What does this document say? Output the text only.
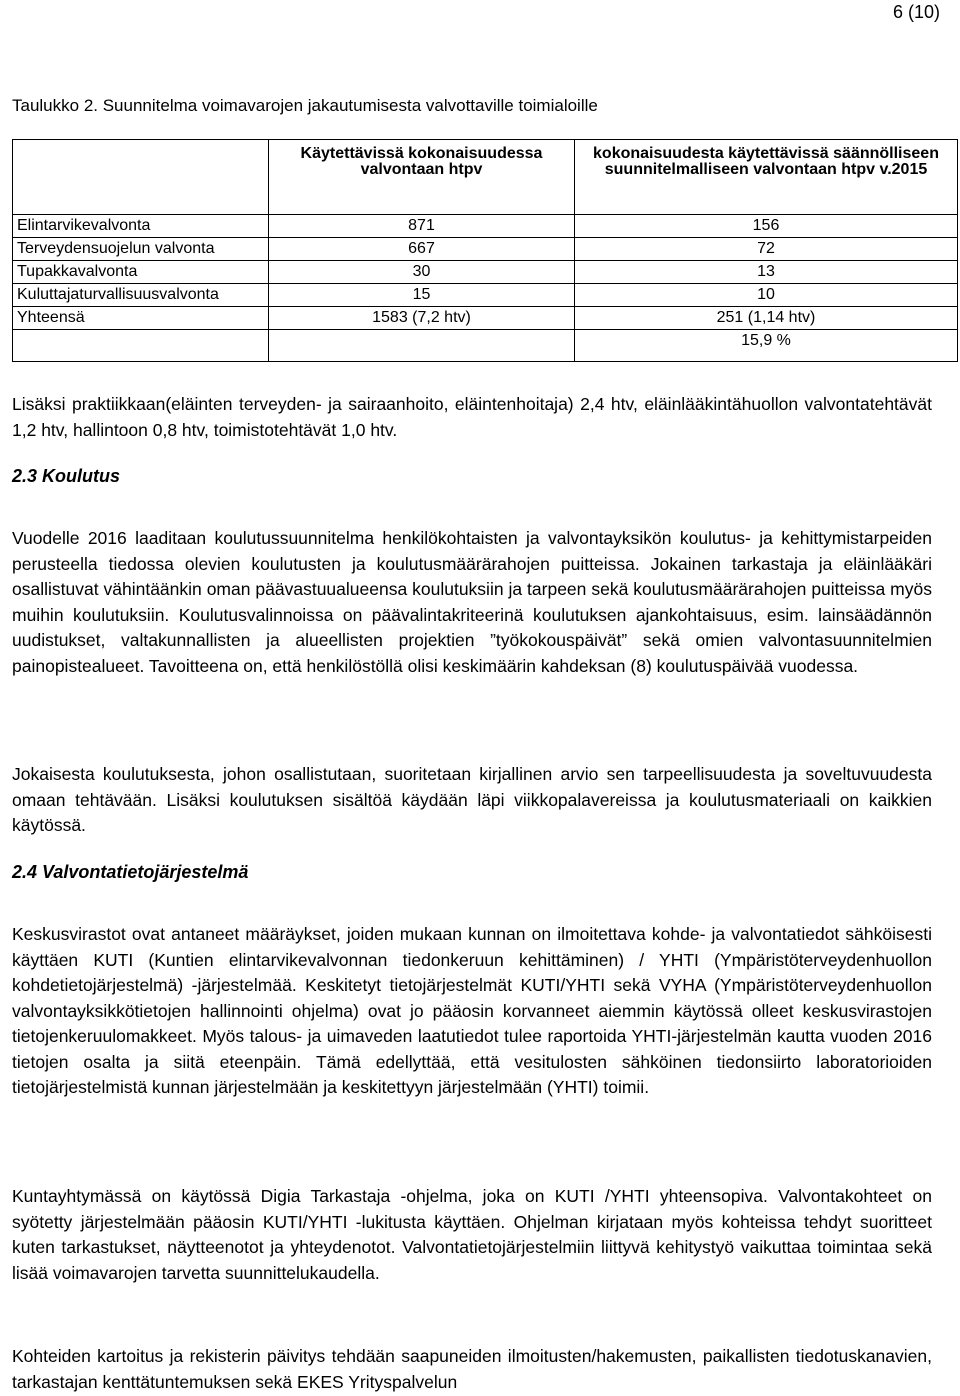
6 (10)
Taulukko 2. Suunnitelma voimavarojen jakautumisesta valvottaville toimialoille
	Käytettävissä kokonaisuudessa valvontaan htpv	kokonaisuudesta käytettävissä säännölliseen suunnitelmalliseen valvontaan htpv v.2015
Elintarvikevalvonta	871	156
Terveydensuojelun valvonta	667	72
Tupakkavalvonta	30	13
Kuluttajaturvallisuusvalvonta	15	10
Yhteensä	1583 (7,2 htv)	251 (1,14 htv)
		15,9 %

Lisäksi praktiikkaan(eläinten terveyden- ja sairaanhoito, eläintenhoitaja) 2,4 htv, eläinlääkintähuollon valvontatehtävät 1,2 htv, hallintoon 0,8 htv, toimistotehtävät 1,0 htv.

2.3 Koulutus

Vuodelle 2016 laaditaan koulutussuunnitelma henkilökohtaisten ja valvontayksikön koulutus- ja kehittymistarpeiden perusteella tiedossa olevien koulutusten ja koulutusmäärärahojen puitteissa. Jokainen tarkastaja ja eläinlääkäri osallistuvat vähintäänkin oman päävastuualueensa koulutuksiin ja tarpeen sekä koulutusmäärärahojen puitteissa myös muihin koulutuksiin. Koulutusvalinnoissa on päävalintakriteerinä koulutuksen ajankohtaisuus, esim. lainsäädännön uudistukset, valtakunnallisten ja alueellisten projektien ”työkokouspäivät” sekä omien valvontasuunnitelmien painopistealueet. Tavoitteena on, että henkilöstöllä olisi keskimäärin kahdeksan (8) koulutuspäivää vuodessa.

Jokaisesta koulutuksesta, johon osallistutaan, suoritetaan kirjallinen arvio sen tarpeellisuudesta ja soveltuvuudesta omaan tehtävään. Lisäksi koulutuksen sisältöä käydään läpi viikkopalavereissa ja koulutusmateriaali on kaikkien käytössä.

2.4 Valvontatietojärjestelmä

Keskusvirastot ovat antaneet määräykset, joiden mukaan kunnan on ilmoitettava kohde- ja valvontatiedot sähköisesti käyttäen KUTI (Kuntien elintarvikevalvonnan tiedonkeruun kehittäminen) / YHTI (Ympäristöterveydenhuollon kohdetietojärjestelmä) -järjestelmää. Keskitetyt tietojärjestelmät KUTI/YHTI sekä VYHA (Ympäristöterveydenhuollon valvontayksikkötietojen hallinnointi ohjelma) ovat jo pääosin korvanneet aiemmin käytössä olleet keskusvirastojen tietojenkeruulomakkeet. Myös talous- ja uimaveden laatutiedot tulee raportoida YHTI-järjestelmän kautta vuoden 2016 tietojen osalta ja siitä eteenpäin. Tämä edellyttää, että vesitulosten sähköinen tiedonsiirto laboratorioiden tietojärjestelmistä kunnan järjestelmään ja keskitettyyn järjestelmään (YHTI) toimii.

Kuntayhtymässä on käytössä Digia Tarkastaja -ohjelma, joka on KUTI /YHTI yhteensopiva. Valvontakohteet on syötetty järjestelmään pääosin KUTI/YHTI -lukitusta käyttäen. Ohjelman kirjataan myös kohteissa tehdyt suoritteet kuten tarkastukset, näytteenotot ja yhteydenotot. Valvontatietojärjestelmiin liittyvä kehitystyö vaikuttaa toimintaa sekä lisää voimavarojen tarvetta suunnittelukaudella.

Kohteiden kartoitus ja rekisterin päivitys tehdään saapuneiden ilmoitusten/hakemusten, paikallisten tiedotuskanavien, tarkastajan kenttätuntemuksen sekä EKES Yrityspalvelun
